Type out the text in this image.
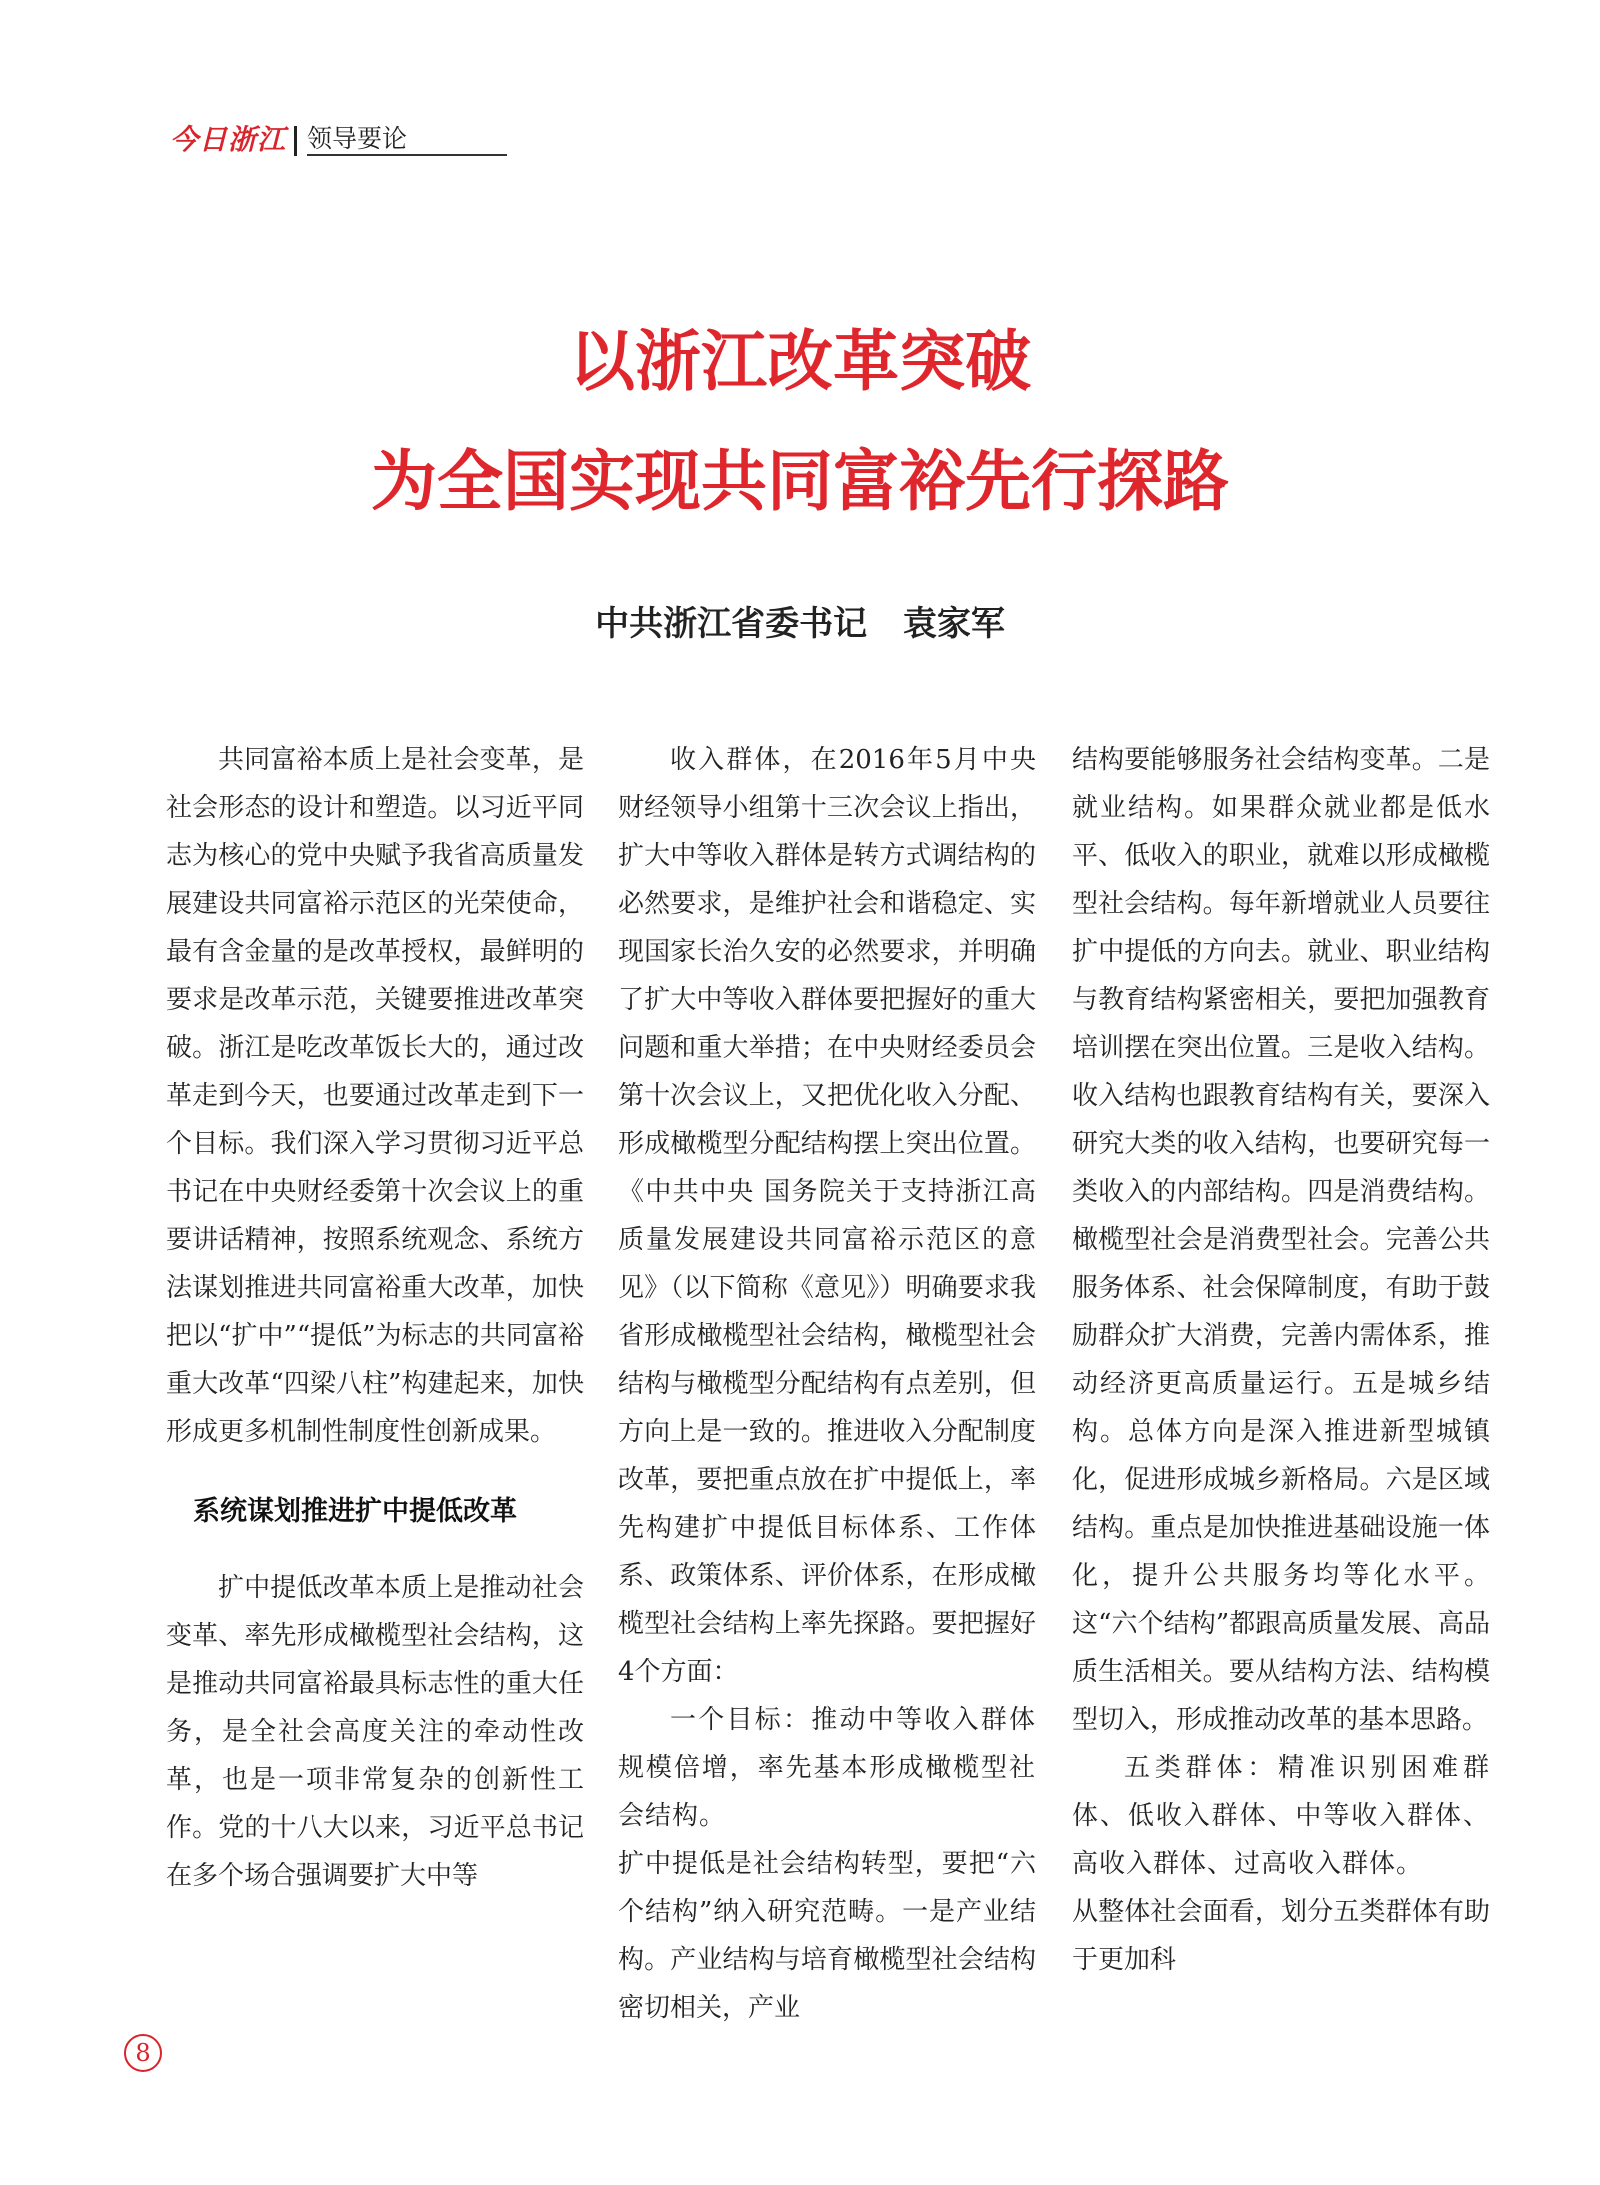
今日浙江 领导要论
以浙江改革突破
为全国实现共同富裕先行探路
中共浙江省委书记 袁家军

共同富裕本质上是社会变革，是社会形态的设计和塑造。以习近平同志为核心的党中央赋予我省高质量发展建设共同富裕示范区的光荣使命，最有含金量的是改革授权，最鲜明的要求是改革示范，关键要推进改革突破。浙江是吃改革饭长大的，通过改革走到今天，也要通过改革走到下一个目标。我们深入学习贯彻习近平总书记在中央财经委第十次会议上的重要讲话精神，按照系统观念、系统方法谋划推进共同富裕重大改革，加快把以“扩中”“提低”为标志的共同富裕重大改革“四梁八柱”构建起来，加快形成更多机制性制度性创新成果。

系统谋划推进扩中提低改革

扩中提低改革本质上是推动社会变革、率先形成橄榄型社会结构，这是推动共同富裕最具标志性的重大任务，是全社会高度关注的牵动性改革，也是一项非常复杂的创新性工作。党的十八大以来，习近平总书记在多个场合强调要扩大中等

收入群体，在2016年5月中央财经领导小组第十三次会议上指出，扩大中等收入群体是转方式调结构的必然要求，是维护社会和谐稳定、实现国家长治久安的必然要求，并明确了扩大中等收入群体要把握好的重大问题和重大举措；在中央财经委员会第十次会议上，又把优化收入分配、形成橄榄型分配结构摆上突出位置。《中共中央 国务院关于支持浙江高质量发展建设共同富裕示范区的意见》（以下简称《意见》）明确要求我省形成橄榄型社会结构，橄榄型社会结构与橄榄型分配结构有点差别，但方向上是一致的。推进收入分配制度改革，要把重点放在扩中提低上，率先构建扩中提低目标体系、工作体系、政策体系、评价体系，在形成橄榄型社会结构上率先探路。要把握好4个方面：

一个目标：推动中等收入群体规模倍增，率先基本形成橄榄型社会结构。

扩中提低是社会结构转型，要把“六个结构”纳入研究范畴。一是产业结构。产业结构与培育橄榄型社会结构密切相关，产业

结构要能够服务社会结构变革。二是就业结构。如果群众就业都是低水平、低收入的职业，就难以形成橄榄型社会结构。每年新增就业人员要往扩中提低的方向去。就业、职业结构与教育结构紧密相关，要把加强教育培训摆在突出位置。三是收入结构。收入结构也跟教育结构有关，要深入研究大类的收入结构，也要研究每一类收入的内部结构。四是消费结构。橄榄型社会是消费型社会。完善公共服务体系、社会保障制度，有助于鼓励群众扩大消费，完善内需体系，推动经济更高质量运行。五是城乡结构。总体方向是深入推进新型城镇化，促进形成城乡新格局。六是区域结构。重点是加快推进基础设施一体化，提升公共服务均等化水平。这“六个结构”都跟高质量发展、高品质生活相关。要从结构方法、结构模型切入，形成推动改革的基本思路。

五类群体：精准识别困难群体、低收入群体、中等收入群体、高收入群体、过高收入群体。

从整体社会面看，划分五类群体有助于更加科

8
